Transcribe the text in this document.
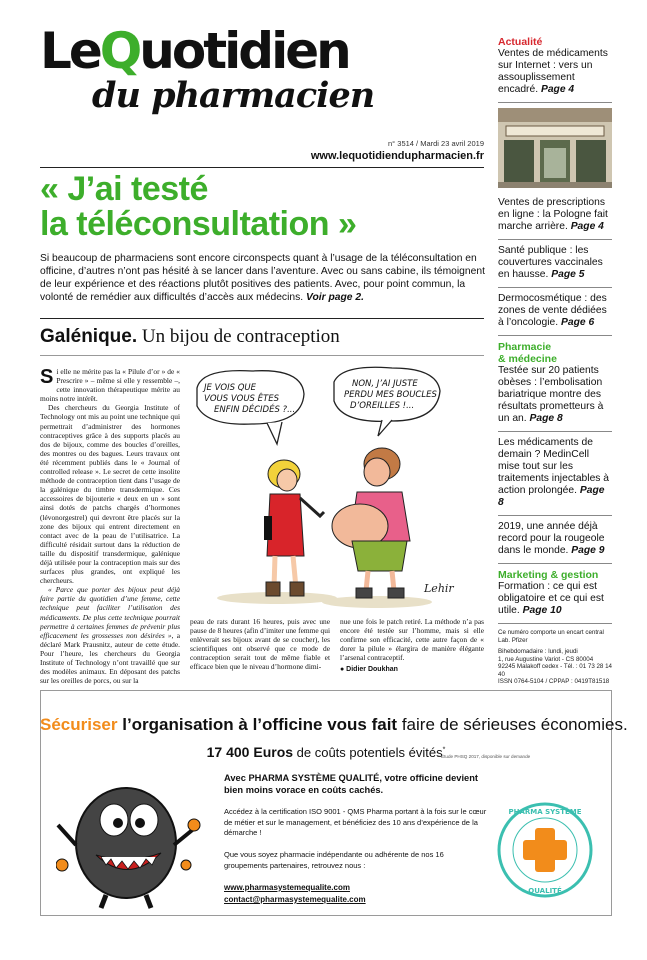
LeQuotidien
du pharmacien
n° 3514 / Mardi 23 avril 2019
www.lequotidiendupharmacien.fr
« J’ai testé
la téléconsultation »
Si beaucoup de pharmaciens sont encore circonspects quant à l’usage de la téléconsultation en officine, d’autres n’ont pas hésité à se lancer dans l’aventure. Avec ou sans cabine, ils témoignent de leur expérience et des réactions plutôt positives des patients. Avec, pour point commun, la volonté de remédier aux difficultés d’accès aux médecins. Voir page 2.
Galénique. Un bijou de contraception

Si elle ne mérite pas la « Pilule d’or » de « Prescrire » – même si elle y ressemble –, cette innovation thérapeutique mérite au moins notre intérêt.

Des chercheurs du Georgia Institute of Technology ont mis au point une technique qui permettrait d’administrer des hormones contraceptives grâce à des supports placés au dos de bijoux, comme des boucles d’oreilles, des montres ou des bagues. Leurs travaux ont été récemment publiés dans le « Journal of controlled release ». Le secret de cette insolite méthode de contraception tient dans l’usage de la galénique du timbre transdermique. Ces accessoires de bijouterie « deux en un » sont ainsi dotés de patchs chargés d’hormones (lévonorgestrel) qui devront être placés sur la zone des bijoux qui entrent directement en contact avec de la peau de l’utilisatrice. La difficulté résidait surtout dans la réduction de taille du dispositif transdermique, galénique déjà utilisée pour la contraception mais sur des surfaces plus grandes, ont expliqué les chercheurs.

« Parce que porter des bijoux peut déjà faire partie du quotidien d’une femme, cette technique peut faciliter l’utilisation des médicaments. De plus cette technique pourrait permettre à certaines femmes de prévenir plus efficacement les grossesses non désirées », a déclaré Mark Prausnitz, auteur de cette étude. Pour l’heure, les chercheurs du Georgia Institute of Technology n’ont travaillé que sur des modèles animaux. En déposant des patchs sur les oreilles de porcs, ou sur la

JE VOIS QUE VOUS VOUS ÊTES ENFIN DÉCIDÉS ?...
NON, J’AI JUSTE PERDU MES BOUCLES D’OREILLES !...
Lehir
peau de rats durant 16 heures, puis avec une pause de 8 heures (afin d’imiter une femme qui enlèverait ses bijoux avant de se coucher), les scientifiques ont observé que ce mode de contraception serait tout de même fiable et efficace bien que le niveau d’hormone dimi-
nue une fois le patch retiré. La méthode n’a pas encore été testée sur l’homme, mais si elle confirme son efficacité, cette autre façon de « dorer la pilule » élargira de manière élégante l’arsenal contraceptif.
● Didier Doukhan
Actualité

Ventes de médicaments sur Internet : vers un assouplissement encadré. Page 4

Ventes de prescriptions en ligne : la Pologne fait marche arrière. Page 4

Santé publique : les couvertures vaccinales en hausse. Page 5

Dermocosmétique : des zones de vente dédiées à l’oncologie. Page 6

Pharmacie
& médecine

Testée sur 20 patients obèses : l’embolisation bariatrique montre des résultats prometteurs à un an. Page 8

Les médicaments de demain ? MedinCell mise tout sur les traitements injectables à action prolongée. Page 8

2019, une année déjà record pour la rougeole dans le monde. Page 9

Marketing & gestion

Formation : ce qui est obligatoire et ce qui est utile. Page 10

Ce numéro comporte un encart central Lab. Pfizer
Bihebdomadaire : lundi, jeudi
1, rue Augustine Variot - CS 80004
92245 Malakoff cedex - Tél. : 01 73 28 14 40
ISSN 0764-5104 / CPPAP : 0419T81518
Sécuriser l’organisation à l’officine vous fait faire de sérieuses économies.
17 400 Euros de coûts potentiels évités*
* Étude PHSQ 2017, disponible sur demande
Avec PHARMA SYSTÈME QUALITÉ, votre officine devient bien moins vorace en coûts cachés.
Accédez à la certification ISO 9001 - QMS Pharma portant à la fois sur le cœur de métier et sur le management, et bénéficiez des 10 ans d’expérience de la démarche !
Que vous soyez pharmacie indépendante ou adhérente de nos 16 groupements partenaires, retrouvez nous :
www.pharmasystemequalite.com
contact@pharmasystemequalite.com
PHARMA SYSTÈME
QUALITÉ
